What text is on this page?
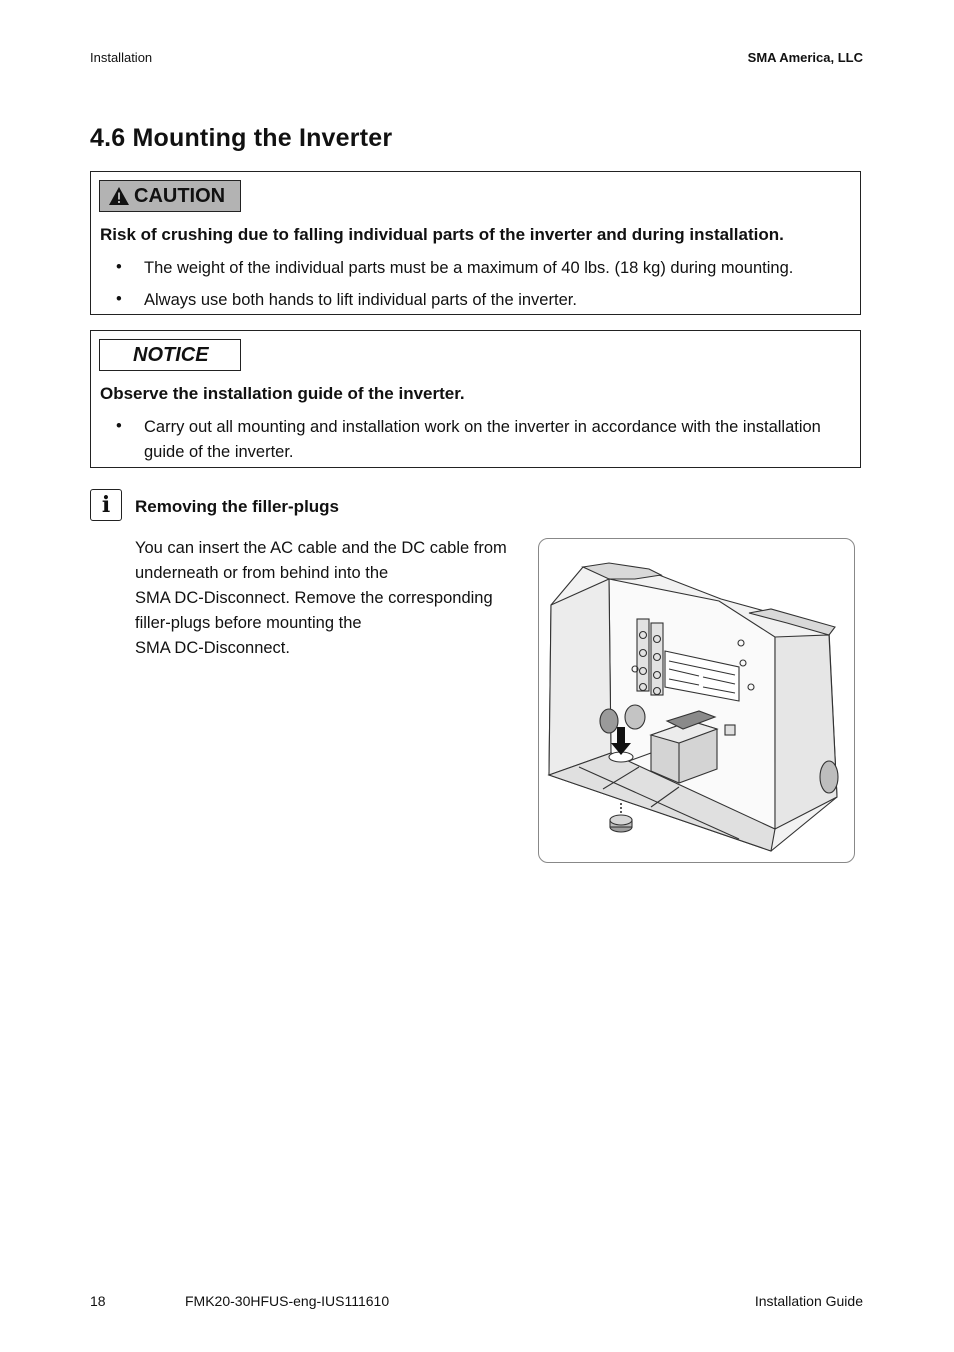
Installation	SMA America, LLC
4.6 Mounting the Inverter
CAUTION
Risk of crushing due to falling individual parts of the inverter and during installation.
• The weight of the individual parts must be a maximum of 40 lbs. (18 kg) during mounting.
• Always use both hands to lift individual parts of the inverter.
NOTICE
Observe the installation guide of the inverter.
• Carry out all mounting and installation work on the inverter in accordance with the installation guide of the inverter.
i	Removing the filler-plugs
You can insert the AC cable and the DC cable from
underneath or from behind into the
SMA DC-Disconnect. Remove the corresponding
filler-plugs before mounting the
SMA DC-Disconnect.
18	FMK20-30HFUS-eng-IUS111610	Installation Guide
